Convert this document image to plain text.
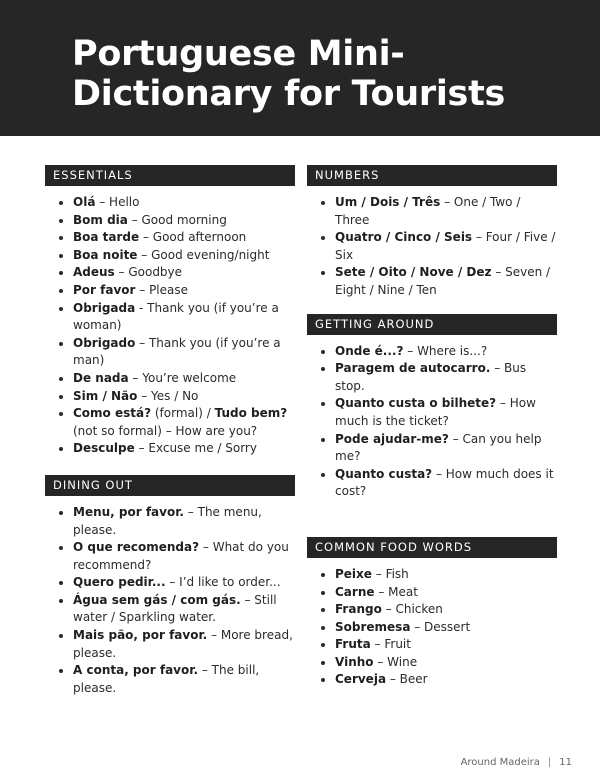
Portuguese Mini-
Dictionary for Tourists
ESSENTIALS
• Olá – Hello
• Bom dia – Good morning
• Boa tarde – Good afternoon
• Boa noite – Good evening/night
• Adeus – Goodbye
• Por favor – Please
• Obrigada - Thank you (if you’re a woman)
• Obrigado – Thank you (if you’re a man)
• De nada – You’re welcome
• Sim / Não – Yes / No
• Como está? (formal) / Tudo bem? (not so formal) – How are you?
• Desculpe – Excuse me / Sorry
DINING OUT
• Menu, por favor. – The menu, please.
• O que recomenda? – What do you recommend?
• Quero pedir... – I’d like to order...
• Água sem gás / com gás. – Still water / Sparkling water.
• Mais pão, por favor. – More bread, please.
• A conta, por favor. – The bill, please.
NUMBERS
• Um / Dois / Três – One / Two / Three
• Quatro / Cinco / Seis – Four / Five / Six
• Sete / Oito / Nove / Dez – Seven / Eight / Nine / Ten
GETTING AROUND
• Onde é...? – Where is...?
• Paragem de autocarro. – Bus stop.
• Quanto custa o bilhete? – How much is the ticket?
• Pode ajudar-me? – Can you help me?
• Quanto custa? – How much does it cost?
COMMON FOOD WORDS
• Peixe – Fish
• Carne – Meat
• Frango – Chicken
• Sobremesa – Dessert
• Fruta – Fruit
• Vinho – Wine
• Cerveja – Beer
Around Madeira | 11
